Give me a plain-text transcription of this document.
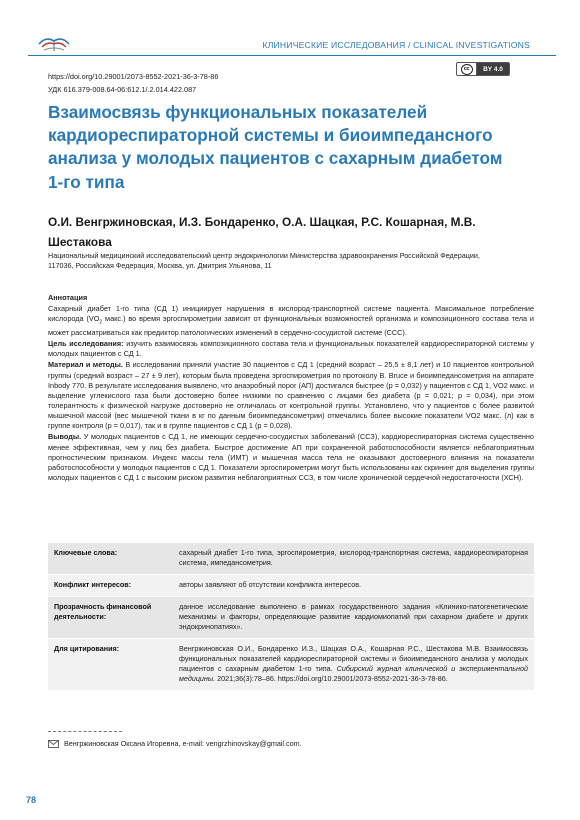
КЛИНИЧЕСКИЕ ИССЛЕДОВАНИЯ / CLINICAL INVESTIGATIONS
cc	BY 4.0
https://doi.org/10.29001/2073-8552-2021-36-3-78-86
УДК 616.379-008.64-06:612.1/.2.014.422.087
Взаимосвязь функциональных показателей кардиореспираторной системы и биоимпедансного анализа у молодых пациентов с сахарным диабетом 1-го типа
О.И. Венгржиновская, И.З. Бондаренко, О.А. Шацкая, Р.С. Кошарная, М.В. Шестакова
Национальный медицинский исследовательский центр эндокринологии Министерства здравоохранения Российской Федерации,
117036, Российская Федерация, Москва, ул. Дмитрия Ульянова, 11

Аннотация

Сахарный диабет 1-го типа (СД 1) инициирует нарушения в кислород-транспортной системе пациента. Максимальное потребление кислорода ($VO_2$ макс.) во время эргоспирометрии зависит от функциональных возможностей организма и композиционного состава тела и может рассматриваться как предиктор патологических изменений в сердечно-сосудистой системе (ССС).

Цель исследования: изучить взаимосвязь композиционного состава тела и функциональных показателей кардиореспираторной системы у молодых пациентов с СД 1.

Материал и методы. В исследовании приняли участие 30 пациентов с СД 1 (средний возраст – 25,5 ± 8,1 лет) и 10 пациентов контрольной группы (средний возраст – 27 ± 9 лет), которым была проведена эргоспирометрия по протоколу В. Bruce и биоимпедансометрия на аппарате Inbody 770. В результате исследования выявлено, что анаэробный порог (АП) достигался быстрее (p = 0,032) у пациентов с СД 1, VO2 макс. и выделение углекислого газа были достоверно более низкими по сравнению с лицами без диабета (p = 0,021; p = 0,034), при этом толерантность к физической нагрузке достоверно не отличалась от контрольной группы. Установлено, что у пациентов с более развитой мышечной массой (вес мышечной ткани в кг по данным биоимпедансометрии) отмечались более высокие показатели VO2 макс. (л) как в группе контроля (p = 0,017), так и в группе пациентов с СД 1 (p = 0,028).

Выводы. У молодых пациентов с СД 1, не имеющих сердечно-сосудистых заболеваний (ССЗ), кардиореспираторная система существенно менее эффективная, чем у лиц без диабета. Быстрое достижение АП при сохраненной работоспособности является неблагоприятным прогностическим признаком. Индекс массы тела (ИМТ) и мышечная масса тела не оказывают достоверного влияния на показатели работоспособности у молодых пациентов с СД 1. Показатели эргоспирометрии могут быть использованы как скрининг для выделения группы молодых пациентов с СД 1 с высоким риском развития неблагоприятных ССЗ, в том числе хронической сердечной недостаточности (ХСН).

Ключевые слова:	сахарный диабет 1-го типа, эргоспирометрия, кислород-транспортная система, кардиореспираторная система, импедансометрия.
Конфликт интересов:	авторы заявляют об отсутствии конфликта интересов.
Прозрачность финансовой деятельности:
данное исследование выполнено в рамках государственного задания «Клинико-патогенетические механизмы и факторы, определяющие развитие кардиомиопатий при сахарном диабете и других эндокринопатиях».
Для цитирования:	Венгржиновская О.И., Бондаренко И.З., Шацкая О.А., Кошарная Р.С., Шестакова М.В. Взаимосвязь функциональных показателей кардиореспираторной системы и биоимпедансного анализа у молодых пациентов с сахарным диабетом 1-го типа. Сибирский журнал клинической и экспериментальной медицины. 2021;36(3):78–86. https://doi.org/10.29001/2073-8552-2021-36-3-78-86.
Венгржиновская Оксана Игоревна, e-mail: vengrzhinovskay@gmail.com.
78
